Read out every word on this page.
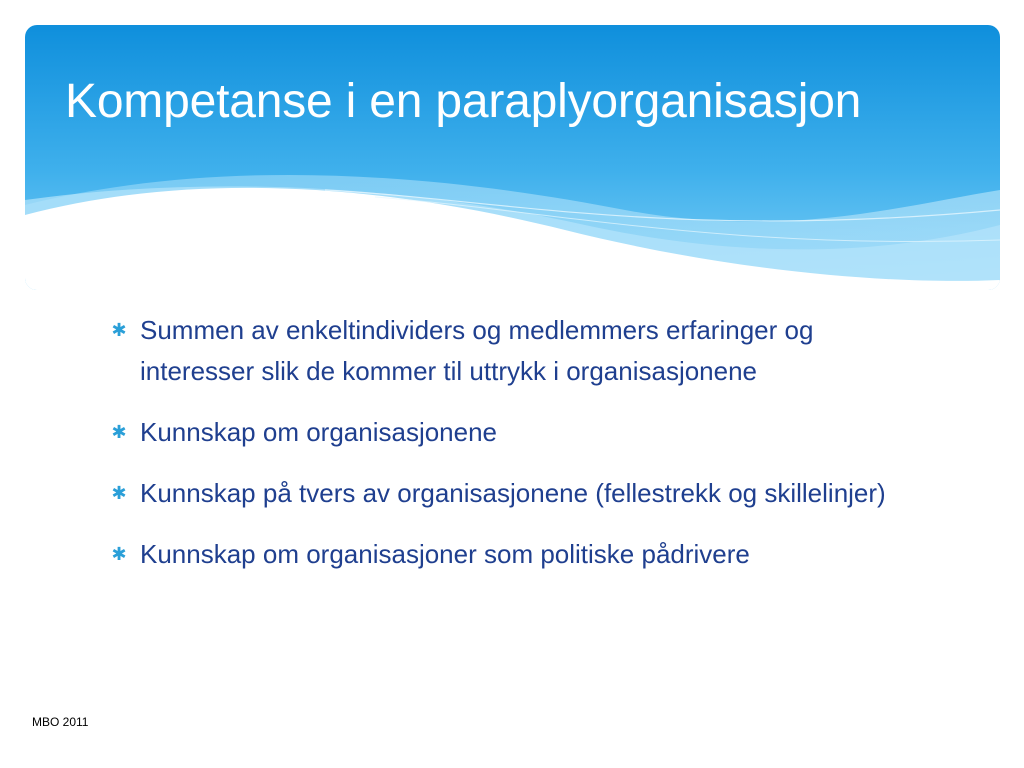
Kompetanse i en paraplyorganisasjon
✱ Summen av enkeltindividers og medlemmers erfaringer og interesser slik de kommer til uttrykk i organisasjonene
✱ Kunnskap om organisasjonene
✱ Kunnskap på tvers av organisasjonene (fellestrekk og skillelinjer)
✱ Kunnskap om organisasjoner som politiske pådrivere
MBO 2011
